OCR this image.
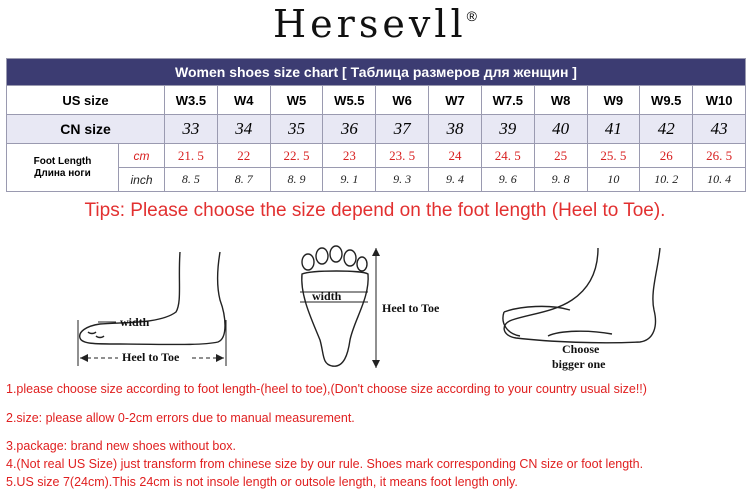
Hersevll®
Women shoes size chart [ Таблица размеров для женщин ]												
US size		W3.5	W4	W5	W5.5	W6	W7	W7.5	W8	W9	W9.5	W10
CN size		33	34	35	36	37	38	39	40	41	42	43

Foot Length
Длина ноги	cm	21. 5	22	22. 5	23	23. 5	24	24. 5	25	25. 5	26	26. 5
	inch	8. 5	8. 7	8. 9	9. 1	9. 3	9. 4	9. 6	9. 8	10	10. 2	10. 4
Tips: Please choose the size depend on the foot length (Heel to Toe).
width
Heel to Toe
width
Heel to Toe
Choose
bigger one
1.please choose size according to foot length-(heel to toe),(Don't choose size according to your country usual size!!)
2.size: please allow 0-2cm errors due to manual measurement.
3.package: brand new shoes without box.
4.(Not real US Size) just transform from chinese size by our rule. Shoes mark corresponding CN size or foot length.
5.US size 7(24cm).This 24cm is not insole length or outsole length, it means foot length only.
